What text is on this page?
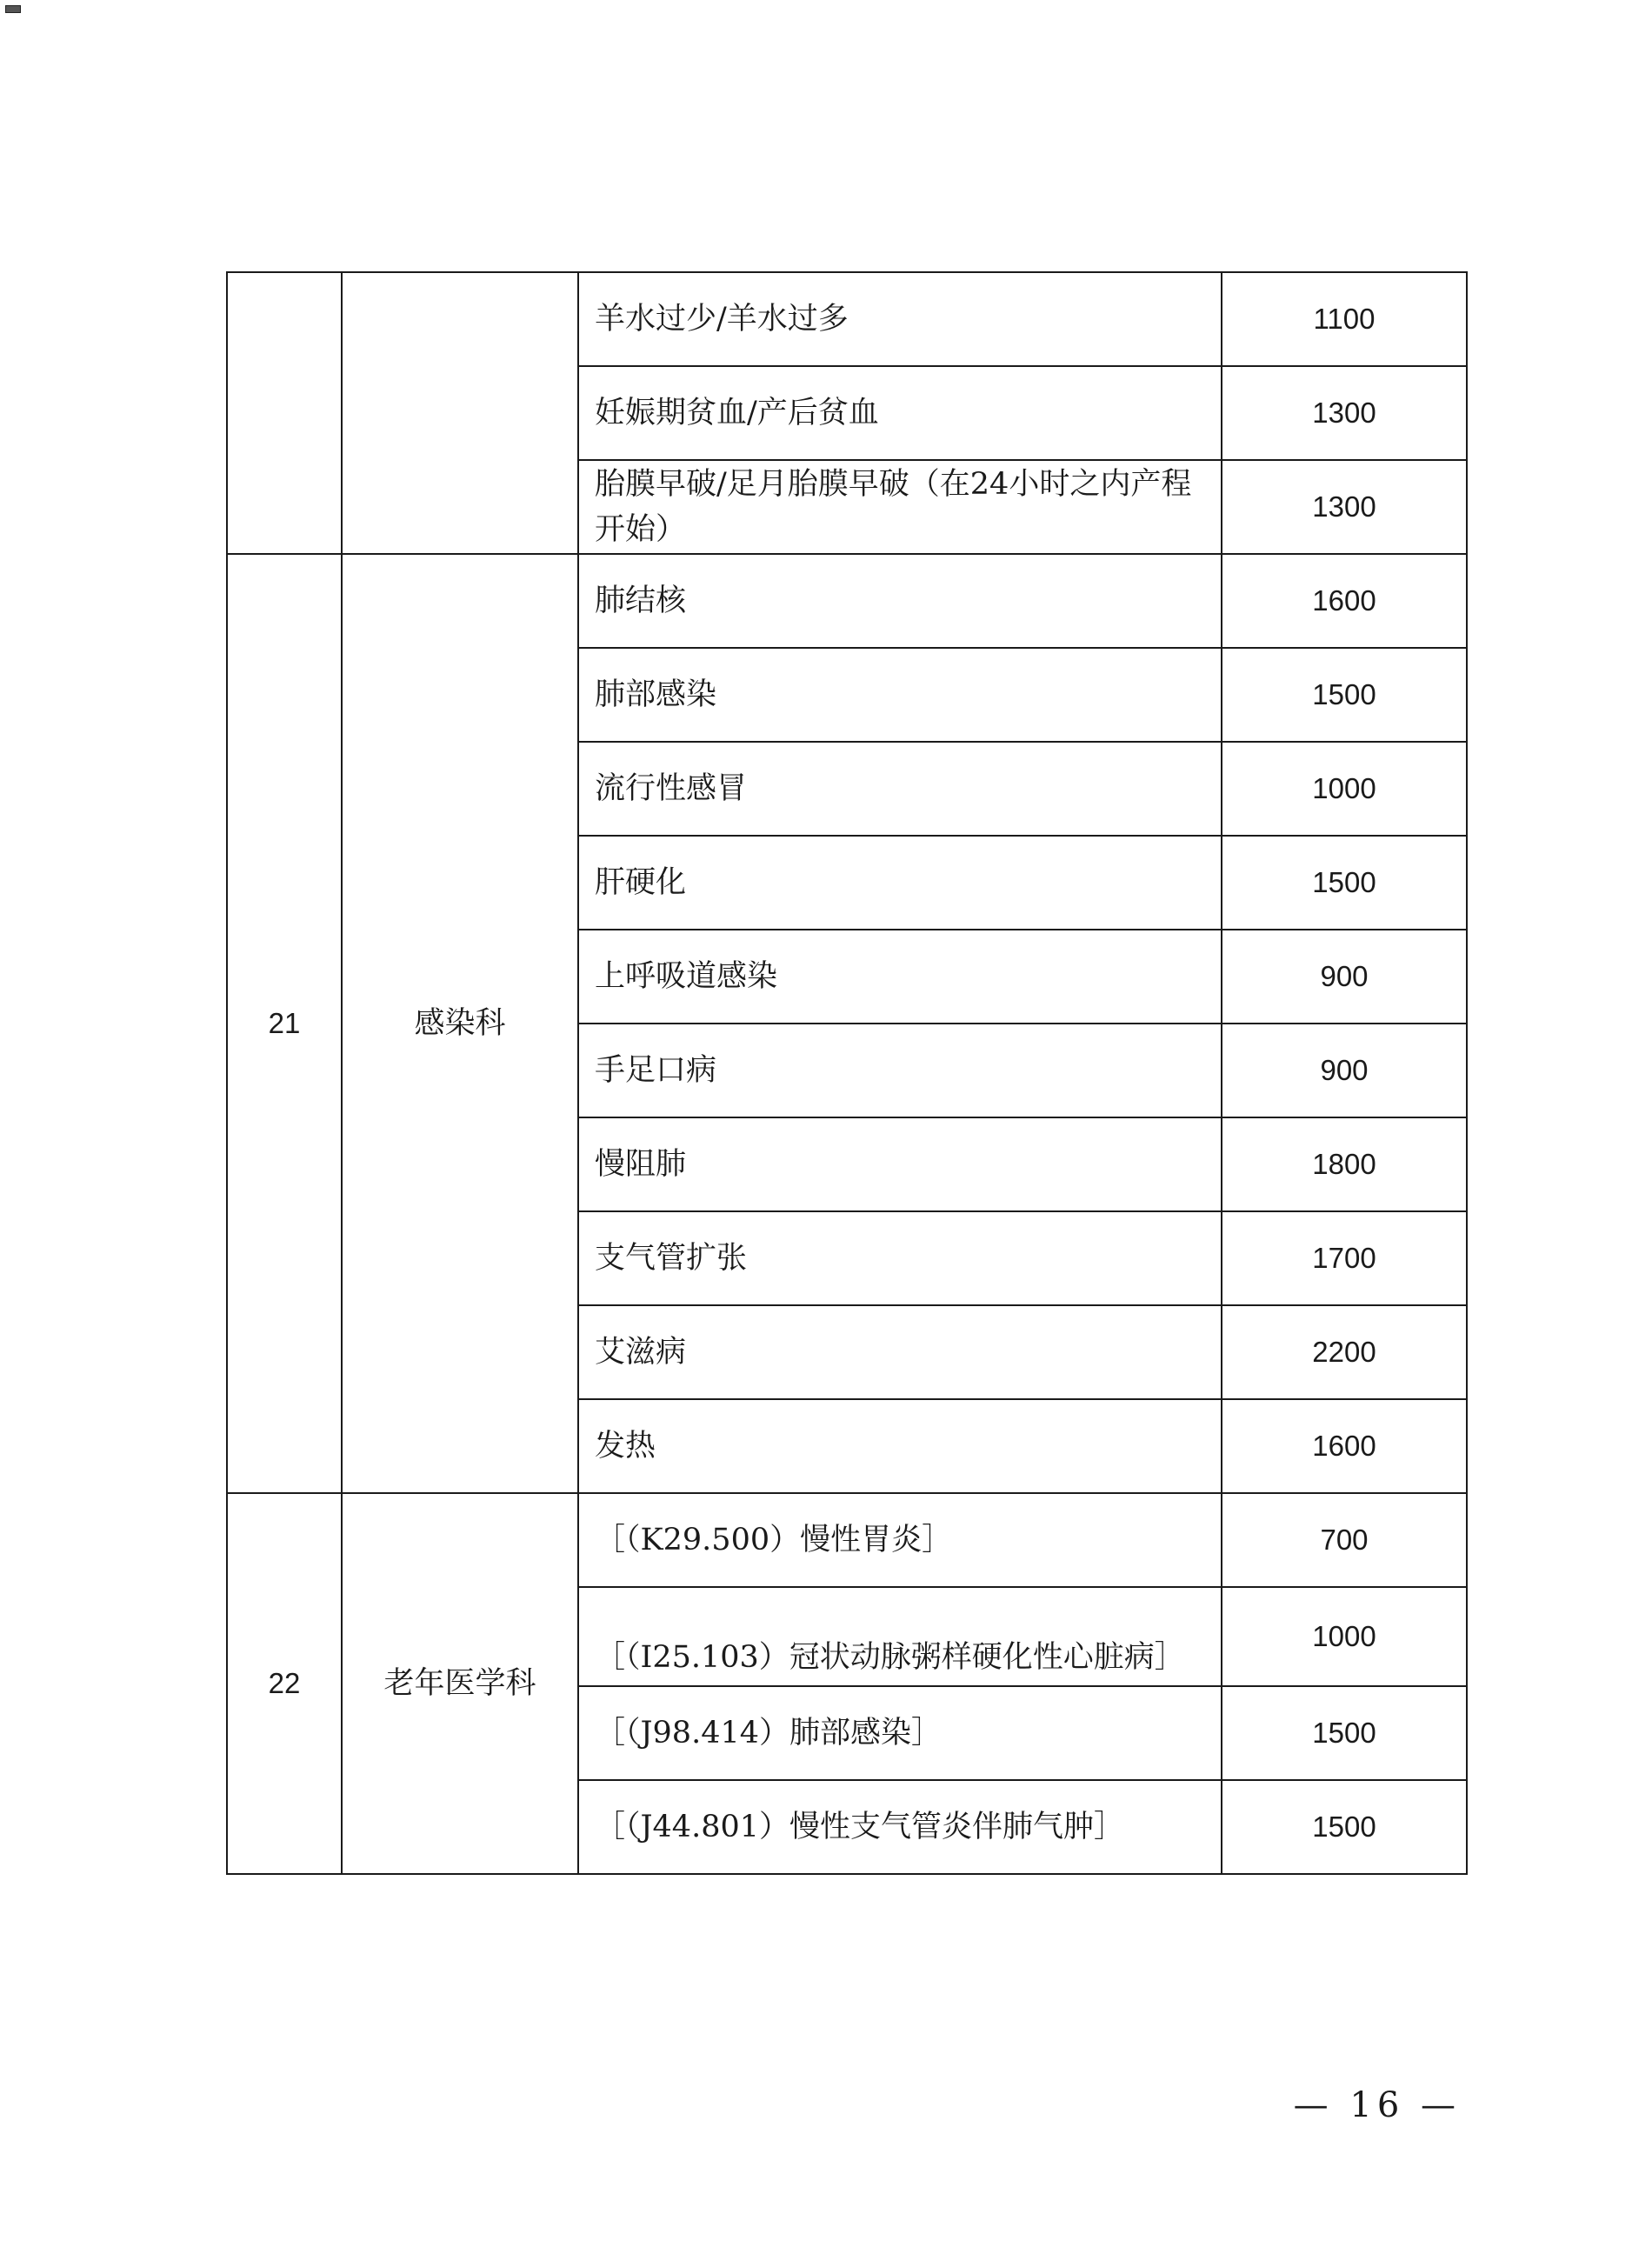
		羊水过少/羊水过多	1100
		妊娠期贫血/产后贫血	1300
		胎膜早破/足月胎膜早破（在24小时之内产程开始）	1300
21	感染科	肺结核	1600
		肺部感染	1500
		流行性感冒	1000
		肝硬化	1500
		上呼吸道感染	900
		手足口病	900
		慢阻肺	1800
		支气管扩张	1700
		艾滋病	2200
		发热	1600
22	老年医学科	［（K29.500）慢性胃炎］	700
		［（I25.103）冠状动脉粥样硬化性心脏病］	1000
		［（J98.414）肺部感染］	1500
		［（J44.801）慢性支气管炎伴肺气肿］	1500
— 16 —
